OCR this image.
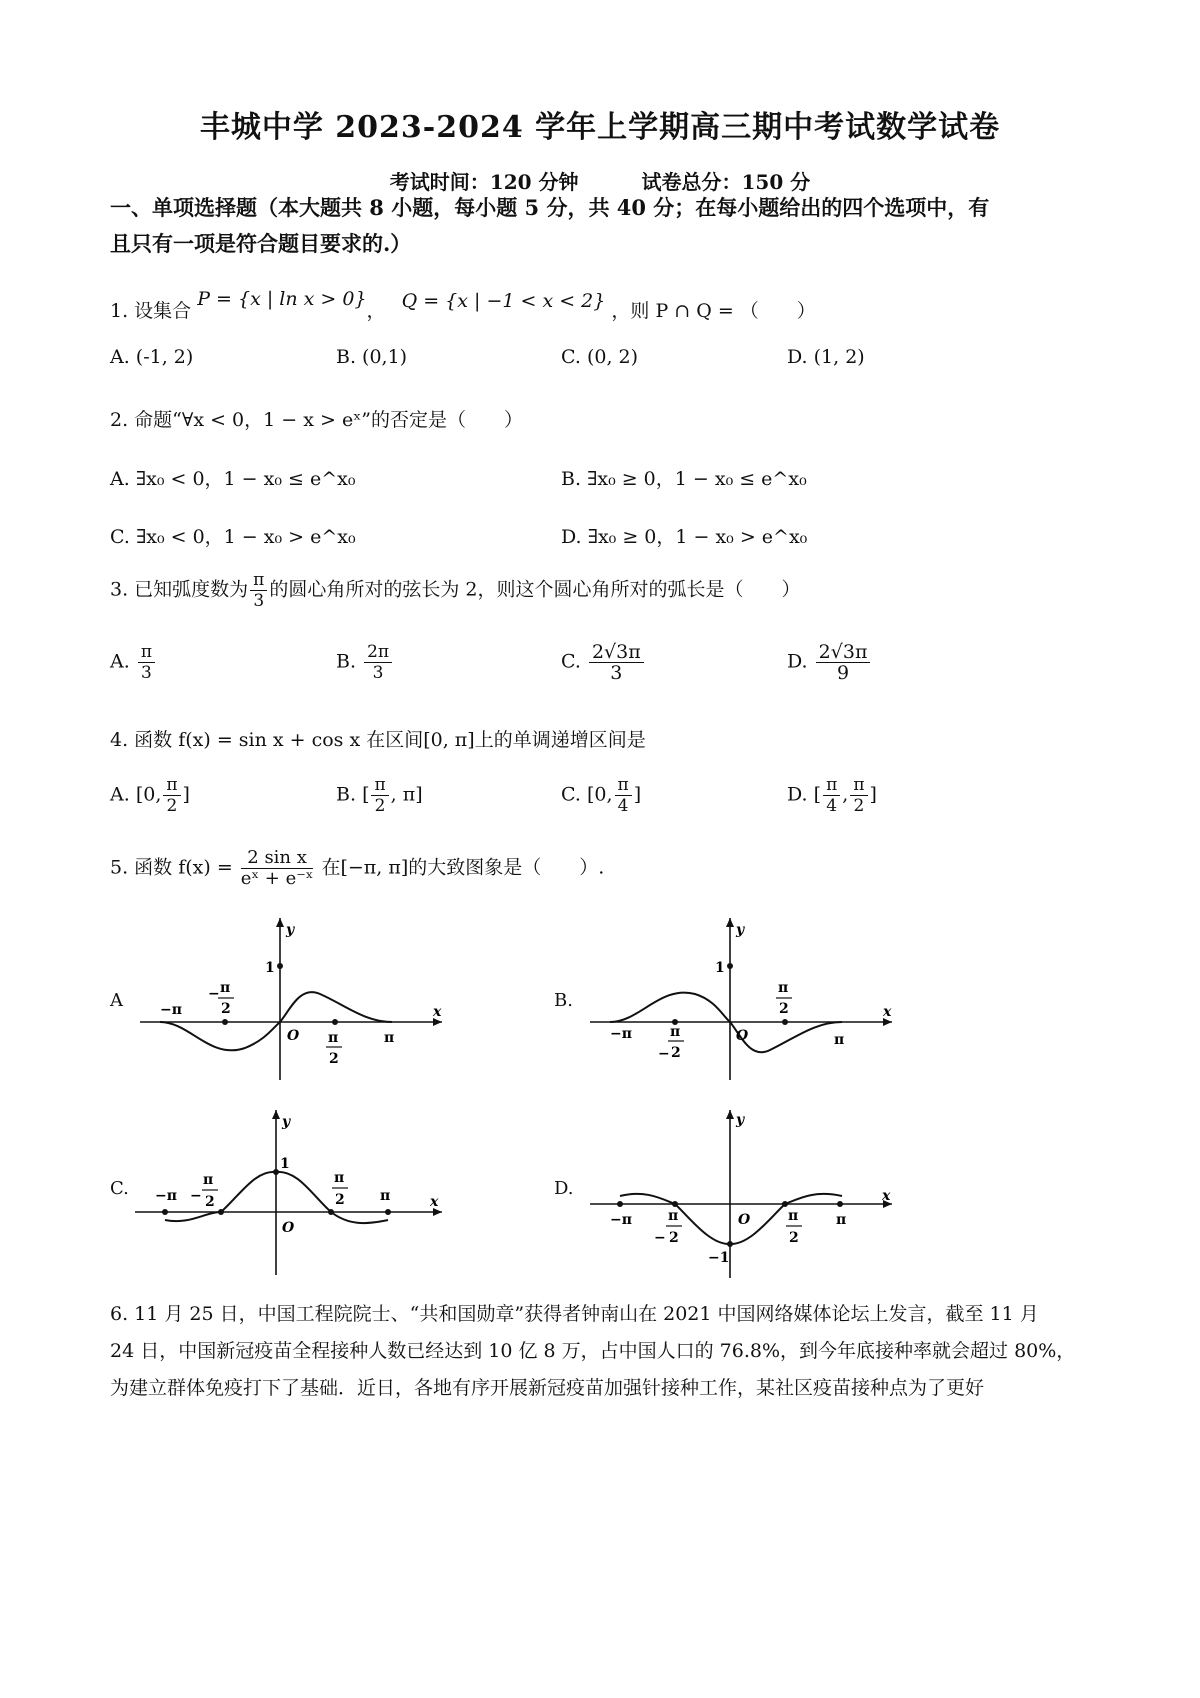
丰城中学 2023-2024 学年上学期高三期中考试数学试卷
考试时间：120 分钟	试卷总分：150 分
一、单项选择题（本大题共 8 小题，每小题 5 分，共 40 分；在每小题给出的四个选项中，有
且只有一项是符合题目要求的.）
1. 设集合 P = {x | ln x > 0}， Q = {x | −1 < x < 2} ，则 P ∩ Q = （　　）
A. (‑1, 2)	B. (0,1)	C. (0, 2)	D. (1, 2)
2. 命题“∀x < 0，1 − x > eˣ”的否定是（　　）
A. ∃x₀ < 0，1 − x₀ ≤ e^x₀	B. ∃x₀ ≥ 0，1 − x₀ ≤ e^x₀
C. ∃x₀ < 0，1 − x₀ > e^x₀	D. ∃x₀ ≥ 0，1 − x₀ > e^x₀
3. 已知弧度数为 $\frac{\pi}{3}$ 的圆心角所对的弦长为 2，则这个圆心角所对的弧长是（　　）
A. $\frac{\pi}{3}$	B. $\frac{2\pi}{3}$	C. $\frac{2√3\pi}{3}$	D. $\frac{2√3\pi}{9}$
4. 函数 f(x) = sin x + cos x 在区间[0, π]上的单调递增区间是
A. [0, $\frac{\pi}{2}$ ]	B. [ $\frac{\pi}{2}$ , π]	C. [0, $\frac{\pi}{4}$ ]	D. [ $\frac{\pi}{4}$ , $\frac{\pi}{2}$ ]
5. 函数 $f(x) = \frac{\text{2 sin x}}{\text{eˣ + e⁻ˣ}}$ 在[−π, π]的大致图象是（　　）.
A
x
y
1
O
−π
− π
2
π
2
π
B.
x
y
1
O
−π
−
π
2
π
2
π
C.
x
y
1
O
−π −
π
2
π
2	π	D.	x
y
−1
O
−π
−
π
2
π
2
π
6. 11 月 25 日，中国工程院院士、“共和国勋章”获得者钟南山在 2021 中国网络媒体论坛上发言，截至 11 月
24 日，中国新冠疫苗全程接种人数已经达到 10 亿 8 万，占中国人口的 76.8%，到今年底接种率就会超过 80%，
为建立群体免疫打下了基础．近日，各地有序开展新冠疫苗加强针接种工作，某社区疫苗接种点为了更好
